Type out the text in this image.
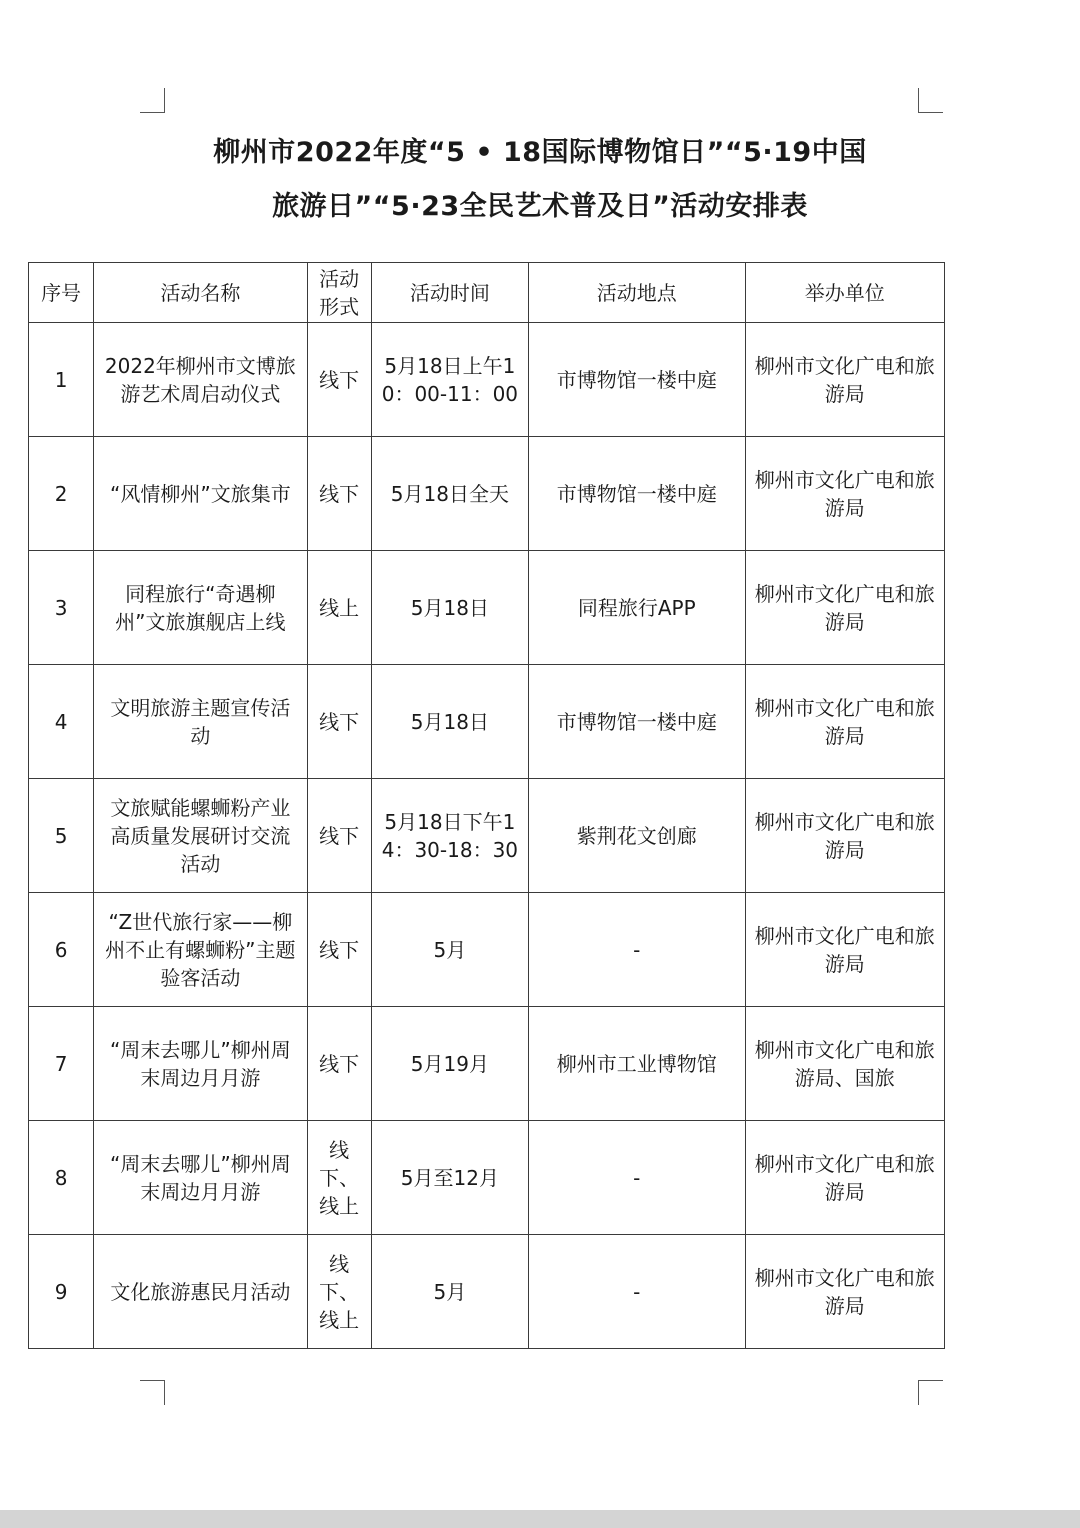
柳州市2022年度“5 • 18国际博物馆日”“5·19中国
旅游日”“5·23全民艺术普及日”活动安排表
序号	活动名称	活动形式	活动时间	活动地点	举办单位
1	2022年柳州市文博旅游艺术周启动仪式	线下	5月18日上午10：00-11：00	市博物馆一楼中庭	柳州市文化广电和旅游局
2	“风情柳州”文旅集市	线下	5月18日全天	市博物馆一楼中庭	柳州市文化广电和旅游局
3	同程旅行“奇遇柳州”文旅旗舰店上线	线上	5月18日	同程旅行APP	柳州市文化广电和旅游局
4	文明旅游主题宣传活动	线下	5月18日	市博物馆一楼中庭	柳州市文化广电和旅游局
5	文旅赋能螺蛳粉产业高质量发展研讨交流活动	线下	5月18日下午14：30-18：30	紫荆花文创廊	柳州市文化广电和旅游局
6	“Z世代旅行家——柳州不止有螺蛳粉”主题验客活动	线下	5月	-	柳州市文化广电和旅游局
7	“周末去哪儿”柳州周末周边月月游	线下	5月19月	柳州市工业博物馆	柳州市文化广电和旅游局、国旅
8	“周末去哪儿”柳州周末周边月月游	线下、线上	5月至12月	-	柳州市文化广电和旅游局
9	文化旅游惠民月活动	线下、线上	5月	-	柳州市文化广电和旅游局
